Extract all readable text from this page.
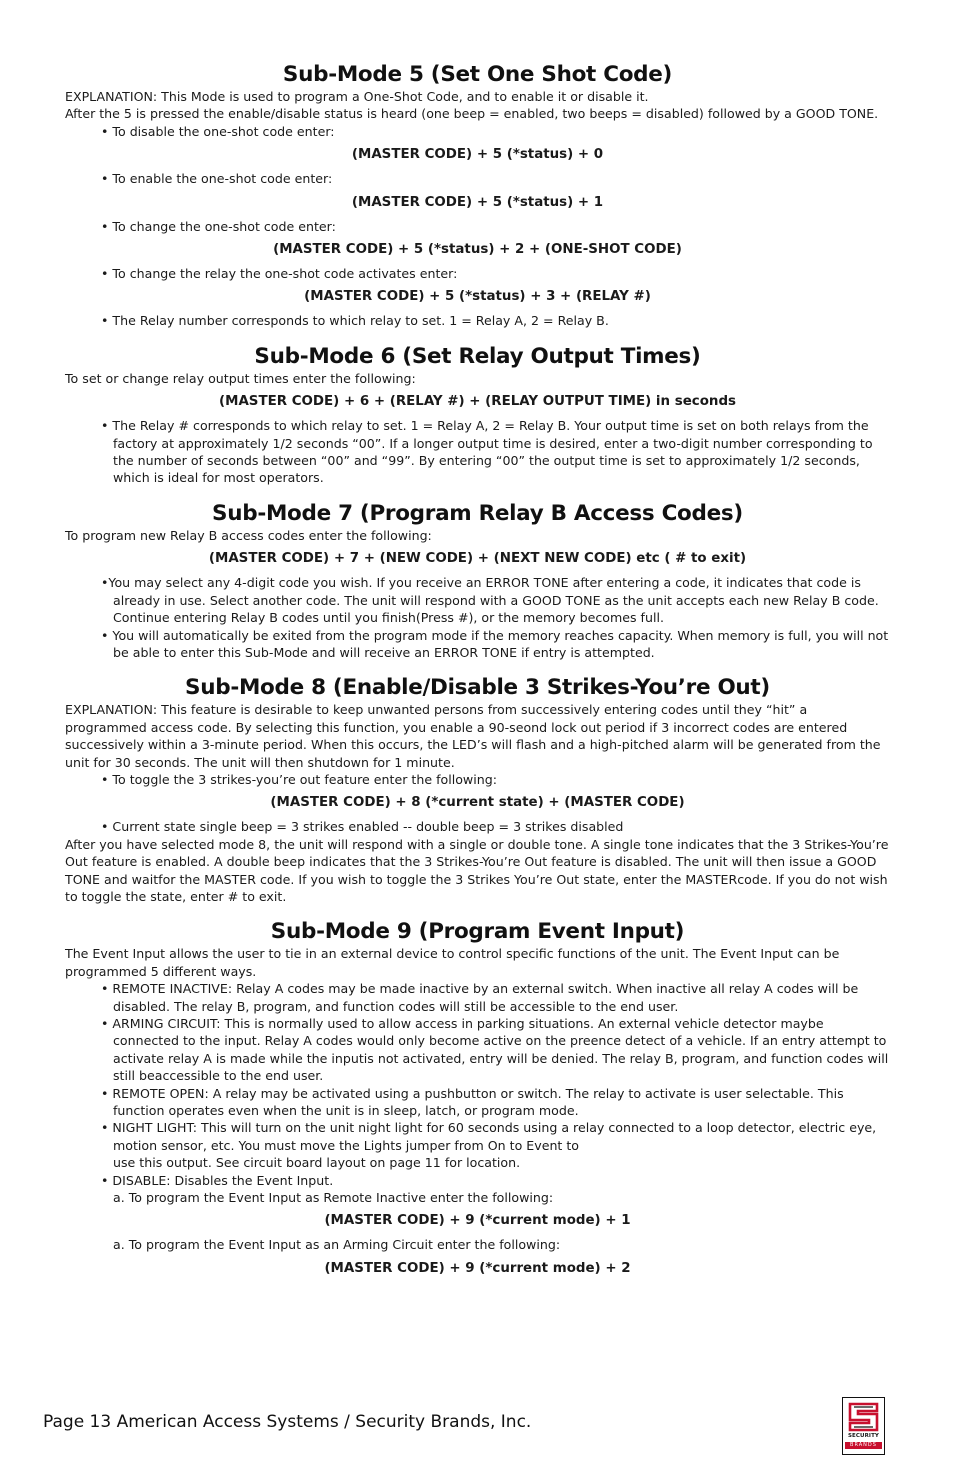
Sub-Mode 5 (Set One Shot Code)

EXPLANATION: This Mode is used to program a One-Shot Code, and to enable it or disable it.

After the 5 is pressed the enable/disable status is heard (one beep = enabled, two beeps = disabled) followed by a GOOD TONE.

• To disable the one-shot code enter:

(MASTER CODE) + 5 (*status) + 0

• To enable the one-shot code enter:

(MASTER CODE) + 5 (*status) + 1

• To change the one-shot code enter:

(MASTER CODE) + 5 (*status) + 2 + (ONE-SHOT CODE)

• To change the relay the one-shot code activates enter:

(MASTER CODE) + 5 (*status) + 3 + (RELAY #)

• The Relay number corresponds to which relay to set. 1 = Relay A, 2 = Relay B.

Sub-Mode 6 (Set Relay Output Times)

To set or change relay output times enter the following:

(MASTER CODE) + 6 + (RELAY #) + (RELAY OUTPUT TIME) in seconds

• The Relay # corresponds to which relay to set. 1 = Relay A, 2 = Relay B. Your output time is set on both relays from the factory at approximately 1/2 seconds “00”. If a longer output time is desired, enter a two-digit number corresponding to the number of seconds between “00” and “99”. By entering “00” the output time is set to approximately 1/2 seconds, which is ideal for most operators.

Sub-Mode 7 (Program Relay B Access Codes)

To program new Relay B access codes enter the following:

(MASTER CODE) + 7 + (NEW CODE) + (NEXT NEW CODE) etc ( # to exit)

•You may select any 4-digit code you wish. If you receive an ERROR TONE after entering a code, it indicates that code is already in use. Select another code. The unit will respond with a GOOD TONE as the unit accepts each new Relay B code. Continue entering Relay B codes until you finish(Press #), or the memory becomes full.

• You will automatically be exited from the program mode if the memory reaches capacity. When memory is full, you will not be able to enter this Sub-Mode and will receive an ERROR TONE if entry is attempted.

Sub-Mode 8 (Enable/Disable 3 Strikes-You’re Out)

EXPLANATION: This feature is desirable to keep unwanted persons from successively entering codes until they “hit” a programmed access code. By selecting this function, you enable a 90-seond lock out period if 3 incorrect codes are entered successively within a 3-minute period. When this occurs, the LED’s will flash and a high-pitched alarm will be generated from the unit for 30 seconds. The unit will then shutdown for 1 minute.

• To toggle the 3 strikes-you’re out feature enter the following:

(MASTER CODE) + 8 (*current state) + (MASTER CODE)

• Current state single beep = 3 strikes enabled -- double beep = 3 strikes disabled

After you have selected mode 8, the unit will respond with a single or double tone. A single tone indicates that the 3 Strikes-You’re Out feature is enabled. A double beep indicates that the 3 Strikes-You’re Out feature is disabled. The unit will then issue a GOOD TONE and waitfor the MASTER code. If you wish to toggle the 3 Strikes You’re Out state, enter the MASTERcode. If you do not wish to toggle the state, enter # to exit.

Sub-Mode 9 (Program Event Input)

The Event Input allows the user to tie in an external device to control specific functions of the unit. The Event Input can be programmed 5 different ways.

• REMOTE INACTIVE: Relay A codes may be made inactive by an external switch. When inactive all relay A codes will be disabled. The relay B, program, and function codes will still be accessible to the end user.

• ARMING CIRCUIT: This is normally used to allow access in parking situations. An external vehicle detector maybe connected to the input. Relay A codes would only become active on the preence detect of a vehicle. If an entry attempt to activate relay A is made while the inputis not activated, entry will be denied. The relay B, program, and function codes will still beaccessible to the end user.

• REMOTE OPEN: A relay may be activated using a pushbutton or switch. The relay to activate is user selectable. This function operates even when the unit is in sleep, latch, or program mode.

• NIGHT LIGHT: This will turn on the unit night light for 60 seconds using a relay connected to a loop detector, electric eye, motion sensor, etc. You must move the Lights jumper from On to Event to

use this output. See circuit board layout on page 11 for location.

• DISABLE: Disables the Event Input.

a. To program the Event Input as Remote Inactive enter the following:

(MASTER CODE) + 9 (*current mode) + 1

a. To program the Event Input as an Arming Circuit enter the following:

(MASTER CODE) + 9 (*current mode) + 2

Page 13 American Access Systems / Security Brands, Inc.
SECURITY
BRANDS
